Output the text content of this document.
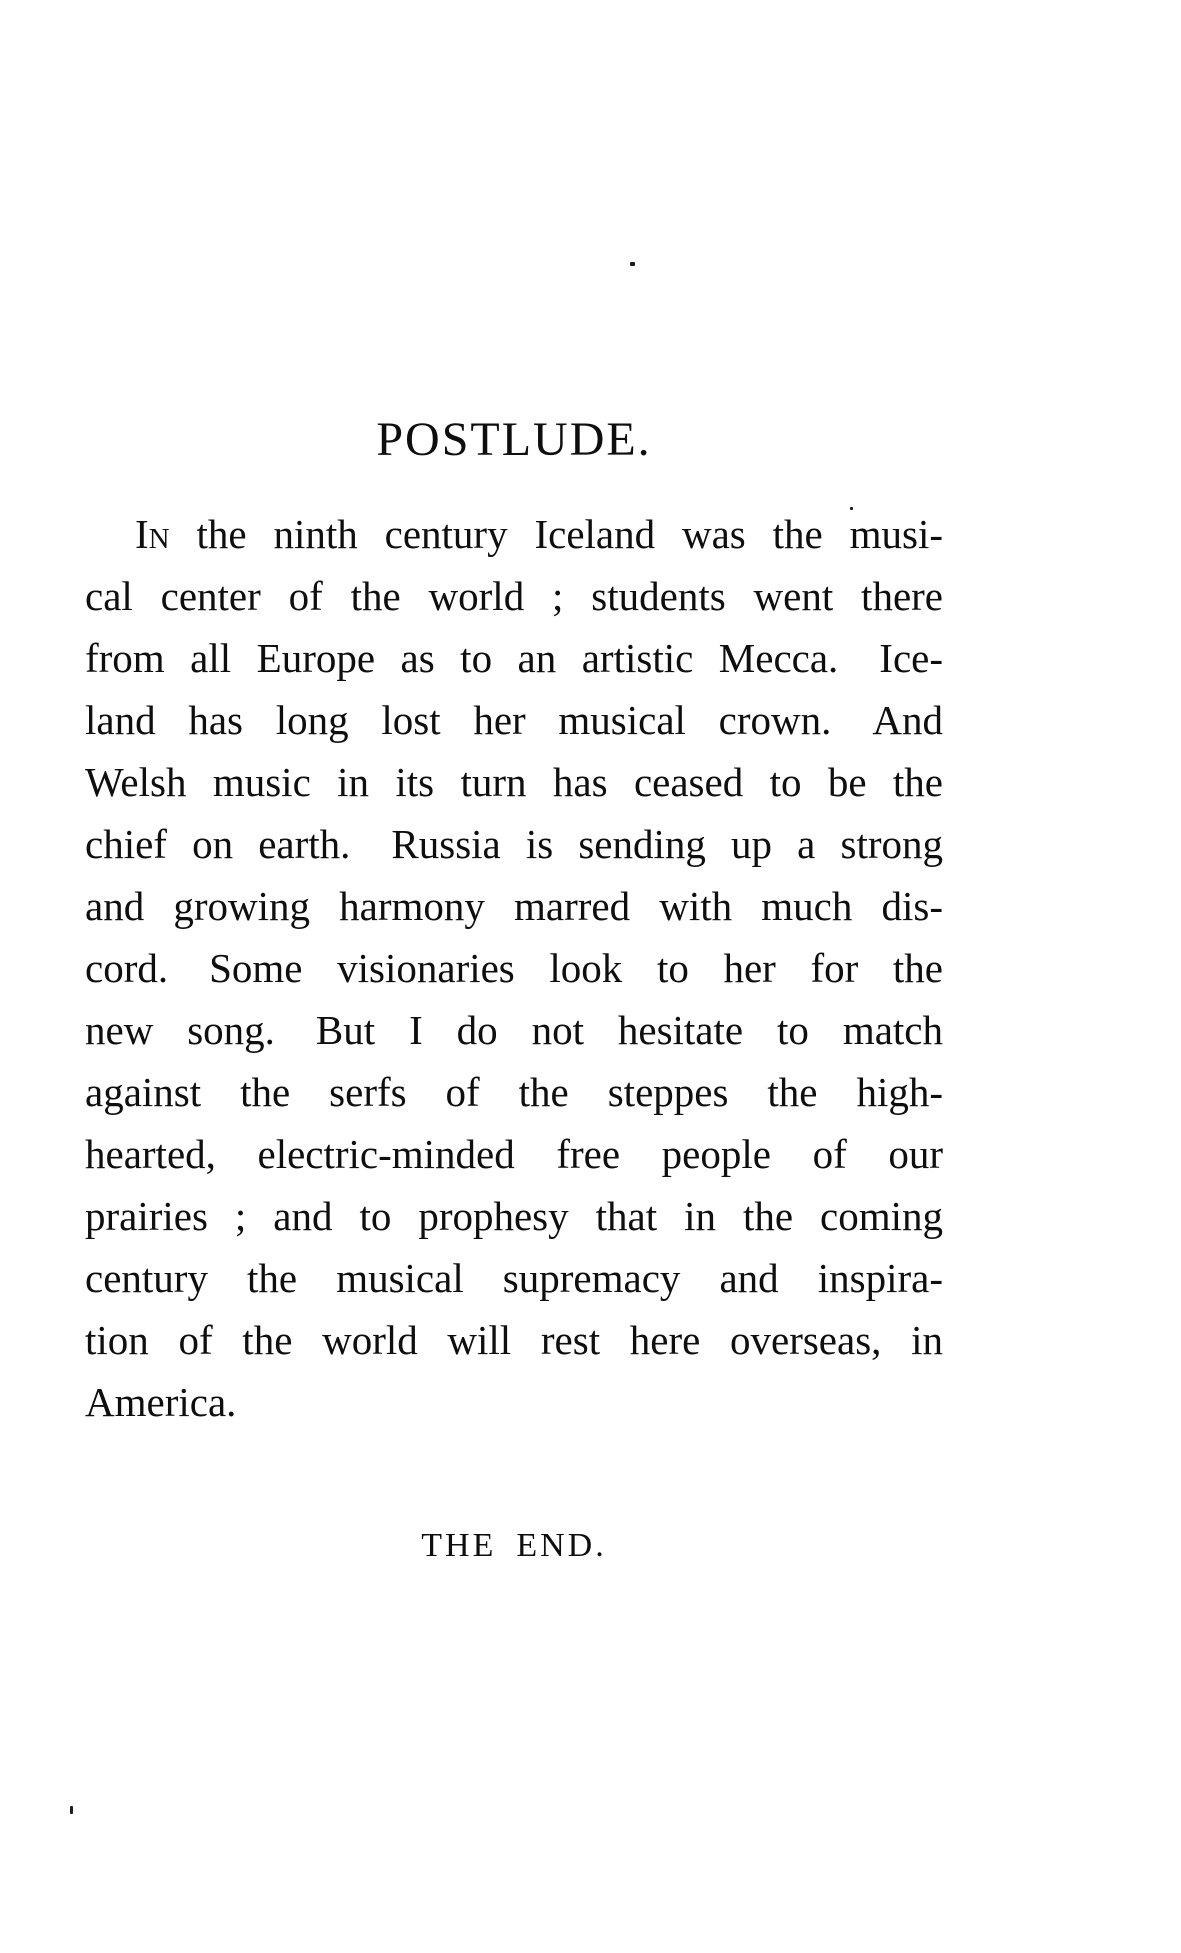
POSTLUDE.
In the ninth century Iceland was the musi-
cal center of the world ; students went there
from all Europe as to an artistic Mecca. Ice-
land has long lost her musical crown. And
Welsh music in its turn has ceased to be the
chief on earth. Russia is sending up a strong
and growing harmony marred with much dis-
cord. Some visionaries look to her for the
new song. But I do not hesitate to match
against the serfs of the steppes the high-
hearted, electric-minded free people of our
prairies ; and to prophesy that in the coming
century the musical supremacy and inspira-
tion of the world will rest here overseas, in
America.
THE END.
